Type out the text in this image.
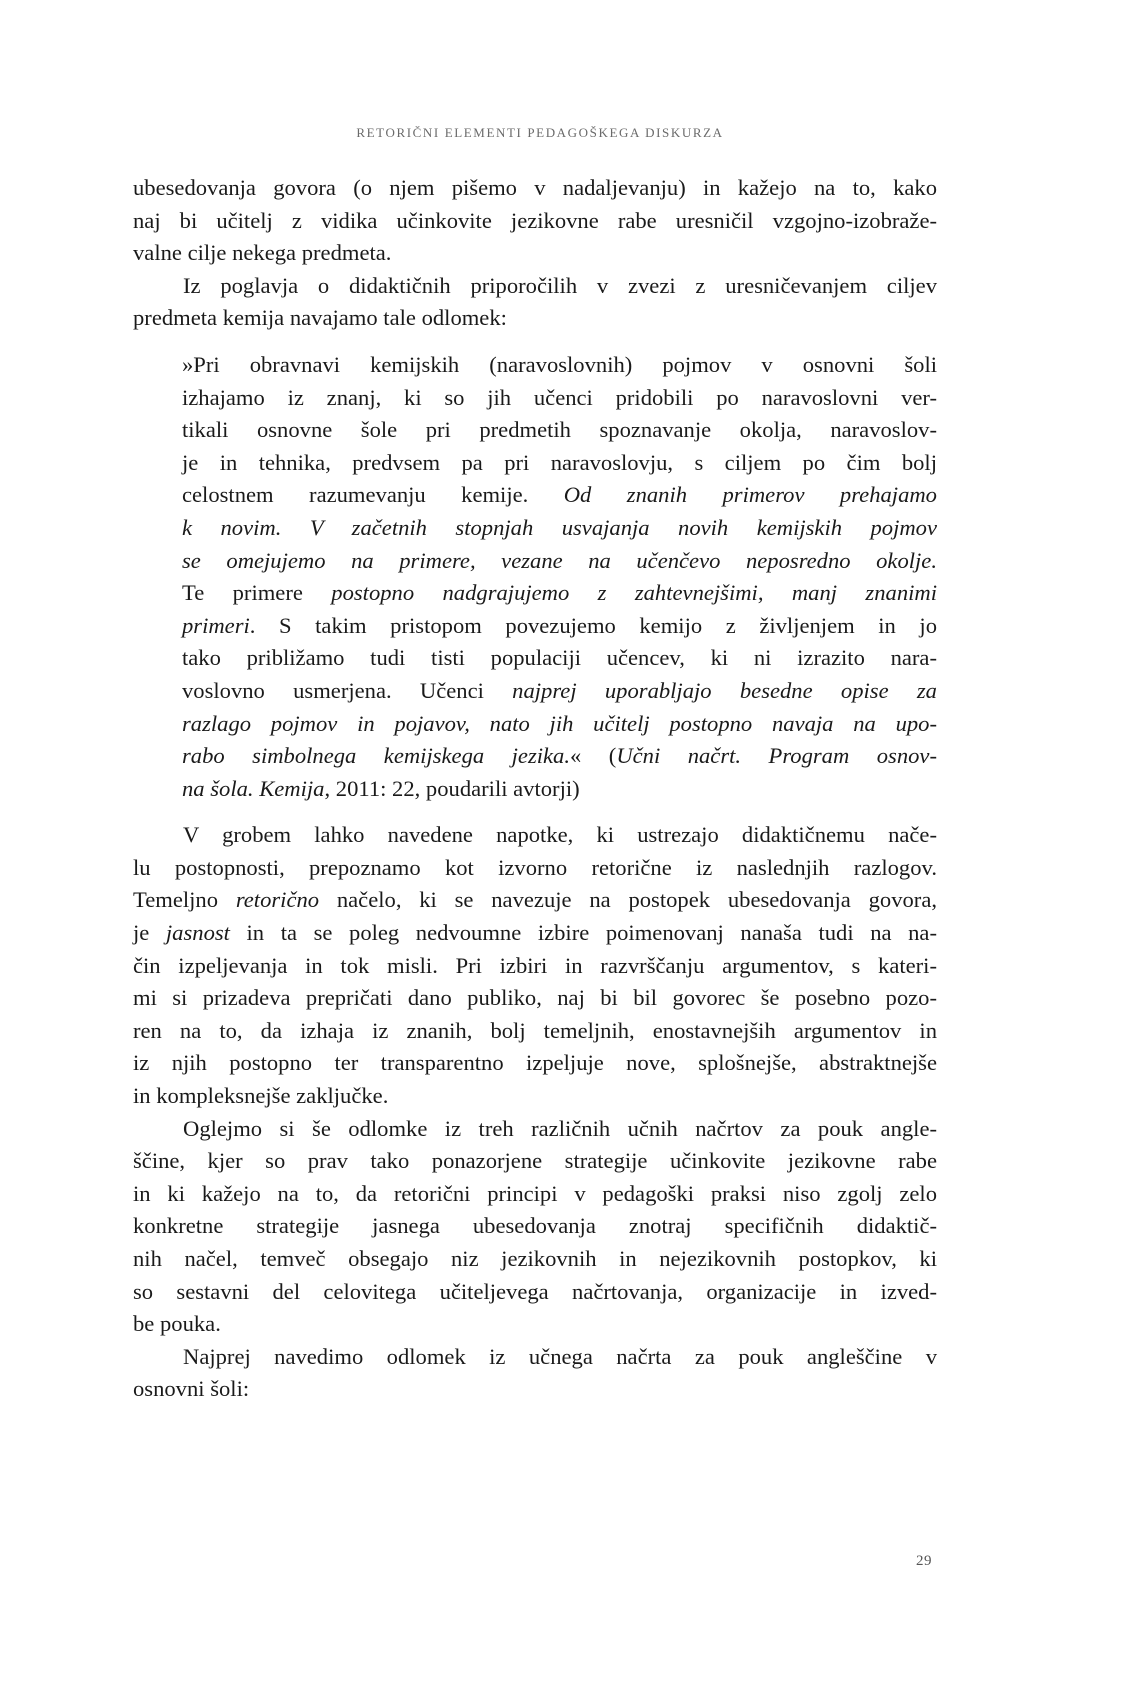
RETORIČNI ELEMENTI PEDAGOŠKEGA DISKURZA

ubesedovanja govora (o njem pišemo v nadaljevanju) in kažejo na to, kako
naj bi učitelj z vidika učinkovite jezikovne rabe uresničil vzgojno-izobraže-
valne cilje nekega predmeta.

Iz poglavja o didaktičnih priporočilih v zvezi z uresničevanjem ciljev
predmeta kemija navajamo tale odlomek:

»Pri obravnavi kemijskih (naravoslovnih) pojmov v osnovni šoli
izhajamo iz znanj, ki so jih učenci pridobili po naravoslovni ver-
tikali osnovne šole pri predmetih spoznavanje okolja, naravoslov-
je in tehnika, predvsem pa pri naravoslovju, s ciljem po čim bolj
celostnem razumevanju kemije. Od znanih primerov prehajamo
k novim. V začetnih stopnjah usvajanja novih kemijskih pojmov
se omejujemo na primere, vezane na učenčevo neposredno okolje.
Te primere postopno nadgrajujemo z zahtevnejšimi, manj znanimi
primeri. S takim pristopom povezujemo kemijo z življenjem in jo
tako približamo tudi tisti populaciji učencev, ki ni izrazito nara-
voslovno usmerjena. Učenci najprej uporabljajo besedne opise za
razlago pojmov in pojavov, nato jih učitelj postopno navaja na upo-
rabo simbolnega kemijskega jezika.« (Učni načrt. Program osnov-
na šola. Kemija, 2011: 22, poudarili avtorji)

V grobem lahko navedene napotke, ki ustrezajo didaktičnemu nače-
lu postopnosti, prepoznamo kot izvorno retorične iz naslednjih razlogov.
Temeljno retorično načelo, ki se navezuje na postopek ubesedovanja govora,
je jasnost in ta se poleg nedvoumne izbire poimenovanj nanaša tudi na na-
čin izpeljevanja in tok misli. Pri izbiri in razvrščanju argumentov, s kateri-
mi si prizadeva prepričati dano publiko, naj bi bil govorec še posebno pozo-
ren na to, da izhaja iz znanih, bolj temeljnih, enostavnejših argumentov in
iz njih postopno ter transparentno izpeljuje nove, splošnejše, abstraktnejše
in kompleksnejše zaključke.

Oglejmo si še odlomke iz treh različnih učnih načrtov za pouk angle-
ščine, kjer so prav tako ponazorjene strategije učinkovite jezikovne rabe
in ki kažejo na to, da retorični principi v pedagoški praksi niso zgolj zelo
konkretne strategije jasnega ubesedovanja znotraj specifičnih didaktič-
nih načel, temveč obsegajo niz jezikovnih in nejezikovnih postopkov, ki
so sestavni del celovitega učiteljevega načrtovanja, organizacije in izved-
be pouka.

Najprej navedimo odlomek iz učnega načrta za pouk angleščine v
osnovni šoli:

29
